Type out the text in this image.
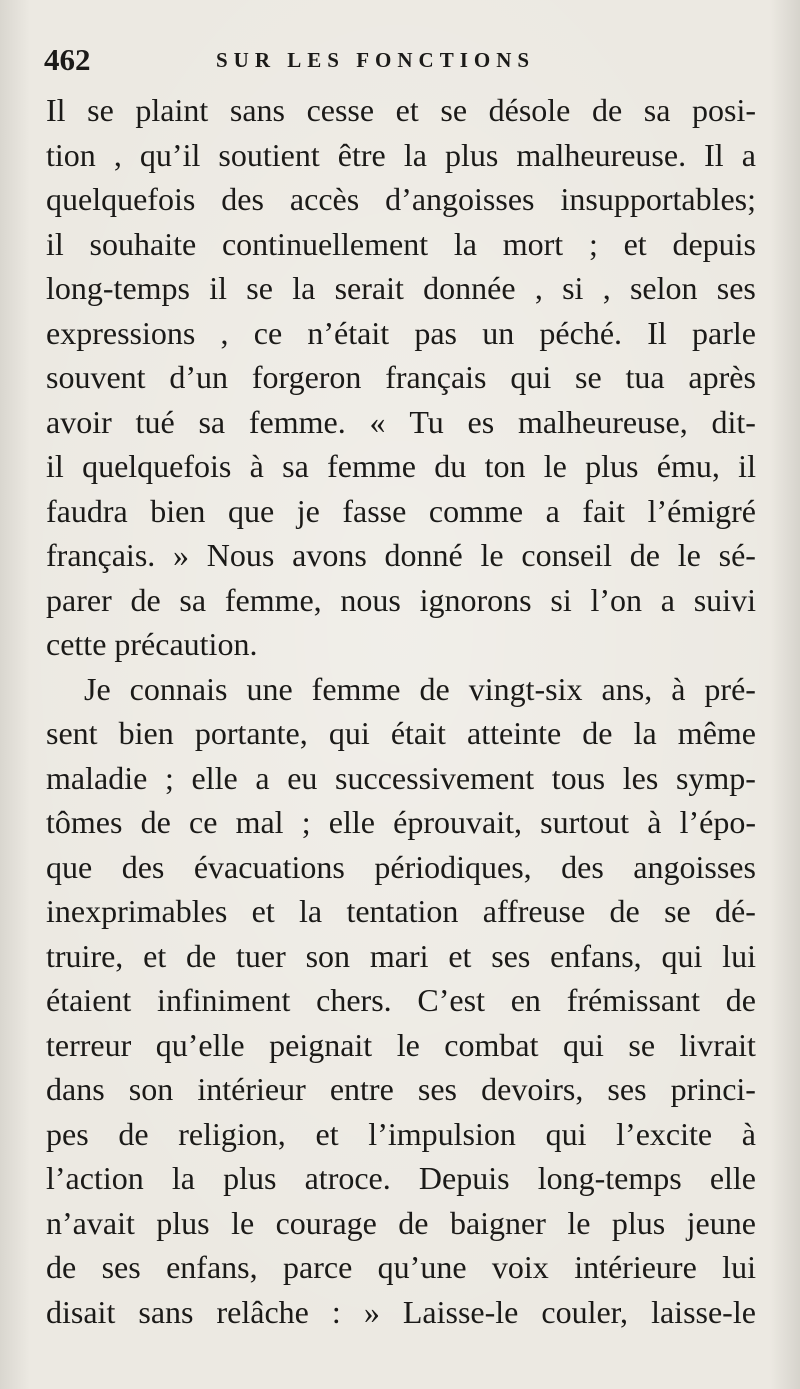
462	SUR LES FONCTIONS
Il se plaint sans cesse et se désole de sa posi-
tion , qu’il soutient être la plus malheureuse. Il a
quelquefois des accès d’angoisses insupportables;
il souhaite continuellement la mort ; et depuis
long-temps il se la serait donnée , si , selon ses
expressions , ce n’était pas un péché. Il parle
souvent d’un forgeron français qui se tua après
avoir tué sa femme. « Tu es malheureuse, dit-
il quelquefois à sa femme du ton le plus ému, il
faudra bien que je fasse comme a fait l’émigré
français. » Nous avons donné le conseil de le sé-
parer de sa femme, nous ignorons si l’on a suivi
cette précaution.
Je connais une femme de vingt-six ans, à pré-
sent bien portante, qui était atteinte de la même
maladie ; elle a eu successivement tous les symp-
tômes de ce mal ; elle éprouvait, surtout à l’épo-
que des évacuations périodiques, des angoisses
inexprimables et la tentation affreuse de se dé-
truire, et de tuer son mari et ses enfans, qui lui
étaient infiniment chers. C’est en frémissant de
terreur qu’elle peignait le combat qui se livrait
dans son intérieur entre ses devoirs, ses princi-
pes de religion, et l’impulsion qui l’excite à
l’action la plus atroce. Depuis long-temps elle
n’avait plus le courage de baigner le plus jeune
de ses enfans, parce qu’une voix intérieure lui
disait sans relâche : » Laisse-le couler, laisse-le
